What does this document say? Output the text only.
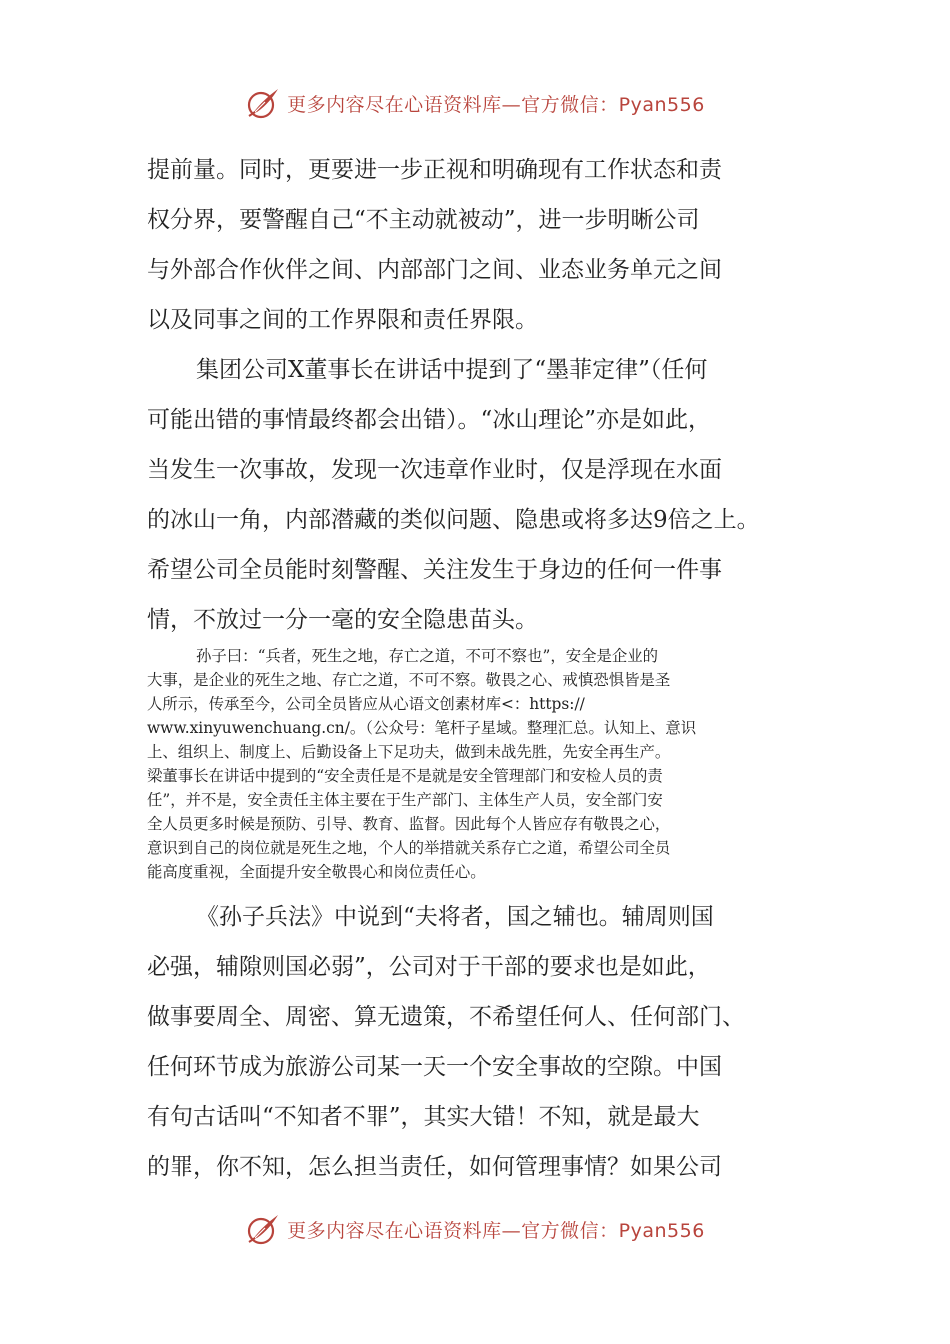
更多内容尽在心语资料库—官方微信：Pyan556
提前量。同时，更要进一步正视和明确现有工作状态和责
权分界，要警醒自己“不主动就被动”，进一步明晰公司
与外部合作伙伴之间、内部部门之间、业态业务单元之间
以及同事之间的工作界限和责任界限。
集团公司X董事长在讲话中提到了“墨菲定律”（任何
可能出错的事情最终都会出错）。“冰山理论”亦是如此，
当发生一次事故，发现一次违章作业时，仅是浮现在水面
的冰山一角，内部潜藏的类似问题、隐患或将多达9倍之上。
希望公司全员能时刻警醒、关注发生于身边的任何一件事
情，不放过一分一毫的安全隐患苗头。
孙子曰：“兵者，死生之地，存亡之道，不可不察也”，安全是企业的
大事，是企业的死生之地、存亡之道，不可不察。敬畏之心、戒慎恐惧皆是圣
人所示，传承至今，公司全员皆应从心语文创素材库<：https://
www.xinyuwenchuang.cn/。（公众号：笔杆子星域。整理汇总。认知上、意识
上、组织上、制度上、后勤设备上下足功夫，做到未战先胜，先安全再生产。
梁董事长在讲话中提到的“安全责任是不是就是安全管理部门和安检人员的责
任”，并不是，安全责任主体主要在于生产部门、主体生产人员，安全部门安
全人员更多时候是预防、引导、教育、监督。因此每个人皆应存有敬畏之心，
意识到自己的岗位就是死生之地，个人的举措就关系存亡之道，希望公司全员
能高度重视，全面提升安全敬畏心和岗位责任心。
《孙子兵法》中说到“夫将者，国之辅也。辅周则国
必强，辅隙则国必弱”，公司对于干部的要求也是如此，
做事要周全、周密、算无遗策，不希望任何人、任何部门、
任何环节成为旅游公司某一天一个安全事故的空隙。中国
有句古话叫“不知者不罪”，其实大错！不知，就是最大
的罪，你不知，怎么担当责任，如何管理事情？如果公司
更多内容尽在心语资料库—官方微信：Pyan556
